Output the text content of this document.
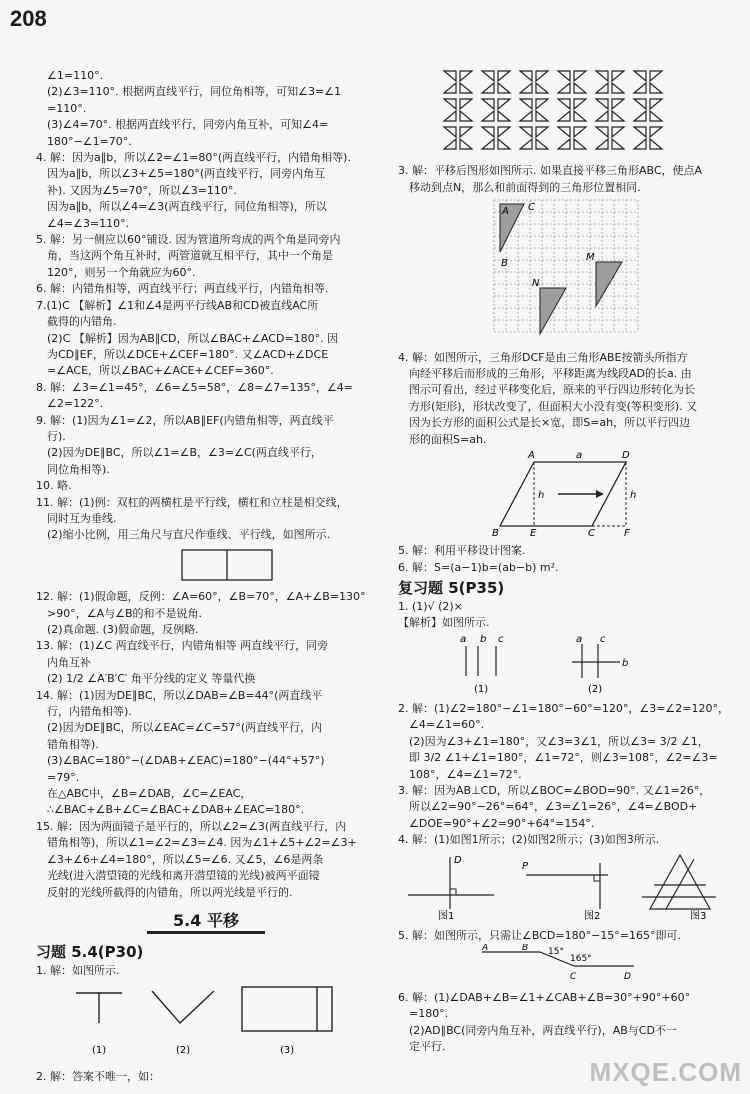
208
∠1=110°.
(2)∠3=110°. 根据两直线平行，同位角相等，可知∠3=∠1
=110°.
(3)∠4=70°. 根据两直线平行，同旁内角互补，可知∠4=
180°−∠1=70°.
4. 解：因为a∥b，所以∠2=∠1=80°(两直线平行，内错角相等).
因为a∥b，所以∠3+∠5=180°(两直线平行，同旁内角互
补). 又因为∠5=70°，所以∠3=110°.
因为a∥b，所以∠4=∠3(两直线平行，同位角相等)，所以
∠4=∠3=110°.
5. 解：另一侧应以60°铺设. 因为管道所弯成的两个角是同旁内
角，当这两个角互补时，两管道就互相平行，其中一个角是
120°，则另一个角就应为60°.
6. 解：内错角相等，两直线平行；两直线平行，内错角相等.
7.(1)C 【解析】∠1和∠4是两平行线AB和CD被直线AC所
截得的内错角.
(2)C 【解析】因为AB∥CD，所以∠BAC+∠ACD=180°. 因
为CD∥EF，所以∠DCE+∠CEF=180°. 又∠ACD+∠DCE
=∠ACE，所以∠BAC+∠ACE+∠CEF=360°.
8. 解：∠3=∠1=45°，∠6=∠5=58°，∠8=∠7=135°，∠4=
∠2=122°.
9. 解：(1)因为∠1=∠2，所以AB∥EF(内错角相等，两直线平
行).
(2)因为DE∥BC，所以∠1=∠B，∠3=∠C(两直线平行，
同位角相等).
10. 略.
11. 解：(1)例：双杠的两横杠是平行线，横杠和立柱是相交线，
同时互为垂线.
(2)缩小比例，用三角尺与直尺作垂线、平行线，如图所示.
12. 解：(1)假命题，反例：∠A=60°，∠B=70°，∠A+∠B=130°
>90°，∠A与∠B的和不是锐角.
(2)真命题. (3)假命题，反例略.
13. 解：(1)∠C 两直线平行，内错角相等 两直线平行，同旁
内角互补
(2) 1/2 ∠A′B′C′ 角平分线的定义 等量代换
14. 解：(1)因为DE∥BC，所以∠DAB=∠B=44°(两直线平
行，内错角相等).
(2)因为DE∥BC，所以∠EAC=∠C=57°(两直线平行，内
错角相等).
(3)∠BAC=180°−(∠DAB+∠EAC)=180°−(44°+57°)
=79°.
在△ABC中，∠B=∠DAB，∠C=∠EAC，
∴∠BAC+∠B+∠C=∠BAC+∠DAB+∠EAC=180°.
15. 解：因为两面镜子是平行的，所以∠2=∠3(两直线平行，内
错角相等)，所以∠1=∠2=∠3=∠4. 因为∠1+∠5+∠2=∠3+
∠3+∠6+∠4=180°，所以∠5=∠6. 又∠5，∠6是两条
光线(进入潜望镜的光线和离开潜望镜的光线)被两平面镜
反射的光线所截得的内错角，所以两光线是平行的.
5.4 平移
习题 5.4(P30)
1. 解：如图所示.
(1)	(2)	(3)
2. 解：答案不唯一，如：
3. 解：平移后图形如图所示. 如果直接平移三角形ABC，使点A
移动到点N，那么和前面得到的三角形位置相同.
A C
B
M
N
4. 解：如图所示，三角形DCF是由三角形ABE按箭头所指方
向经平移后而形成的三角形，平移距离为线段AD的长a. 由
图示可看出，经过平移变化后，原来的平行四边形转化为长
方形(矩形)，形状改变了，但面积大小没有变(等积变形). 又
因为长方形的面积公式是长×宽，即S=ah，所以平行四边
形的面积S=ah.
A	a	D
h	h
B	E	C	F
5. 解：利用平移设计图案.
6. 解：S=(a−1)b=(ab−b) m².
复习题 5(P35)
1. (1)√ (2)×
【解析】如图所示.
a b c	a c
b
(1)	(2)
2. 解：(1)∠2=180°−∠1=180°−60°=120°，∠3=∠2=120°，
∠4=∠1=60°.
(2)因为∠3+∠1=180°，又∠3=3∠1，所以∠3= 3/2 ∠1，
即 3/2 ∠1+∠1=180°，∠1=72°，则∠3=108°，∠2=∠3=
108°，∠4=∠1=72°.
3. 解：因为AB⊥CD，所以∠BOC=∠BOD=90°. 又∠1=26°，
所以∠2=90°−26°=64°，∠3=∠1=26°，∠4=∠BOD+
∠DOE=90°+∠2=90°+64°=154°.
4. 解：(1)如图1所示；(2)如图2所示；(3)如图3所示.
D
图1
P
图2	图3
5. 解：如图所示，只需让∠BCD=180°−15°=165°即可.
A	B 15°
165°
C	D
6. 解：(1)∠DAB+∠B=∠1+∠CAB+∠B=30°+90°+60°
=180°.
(2)AD∥BC(同旁内角互补，两直线平行)，AB与CD不一
定平行.
MXQE.COM
